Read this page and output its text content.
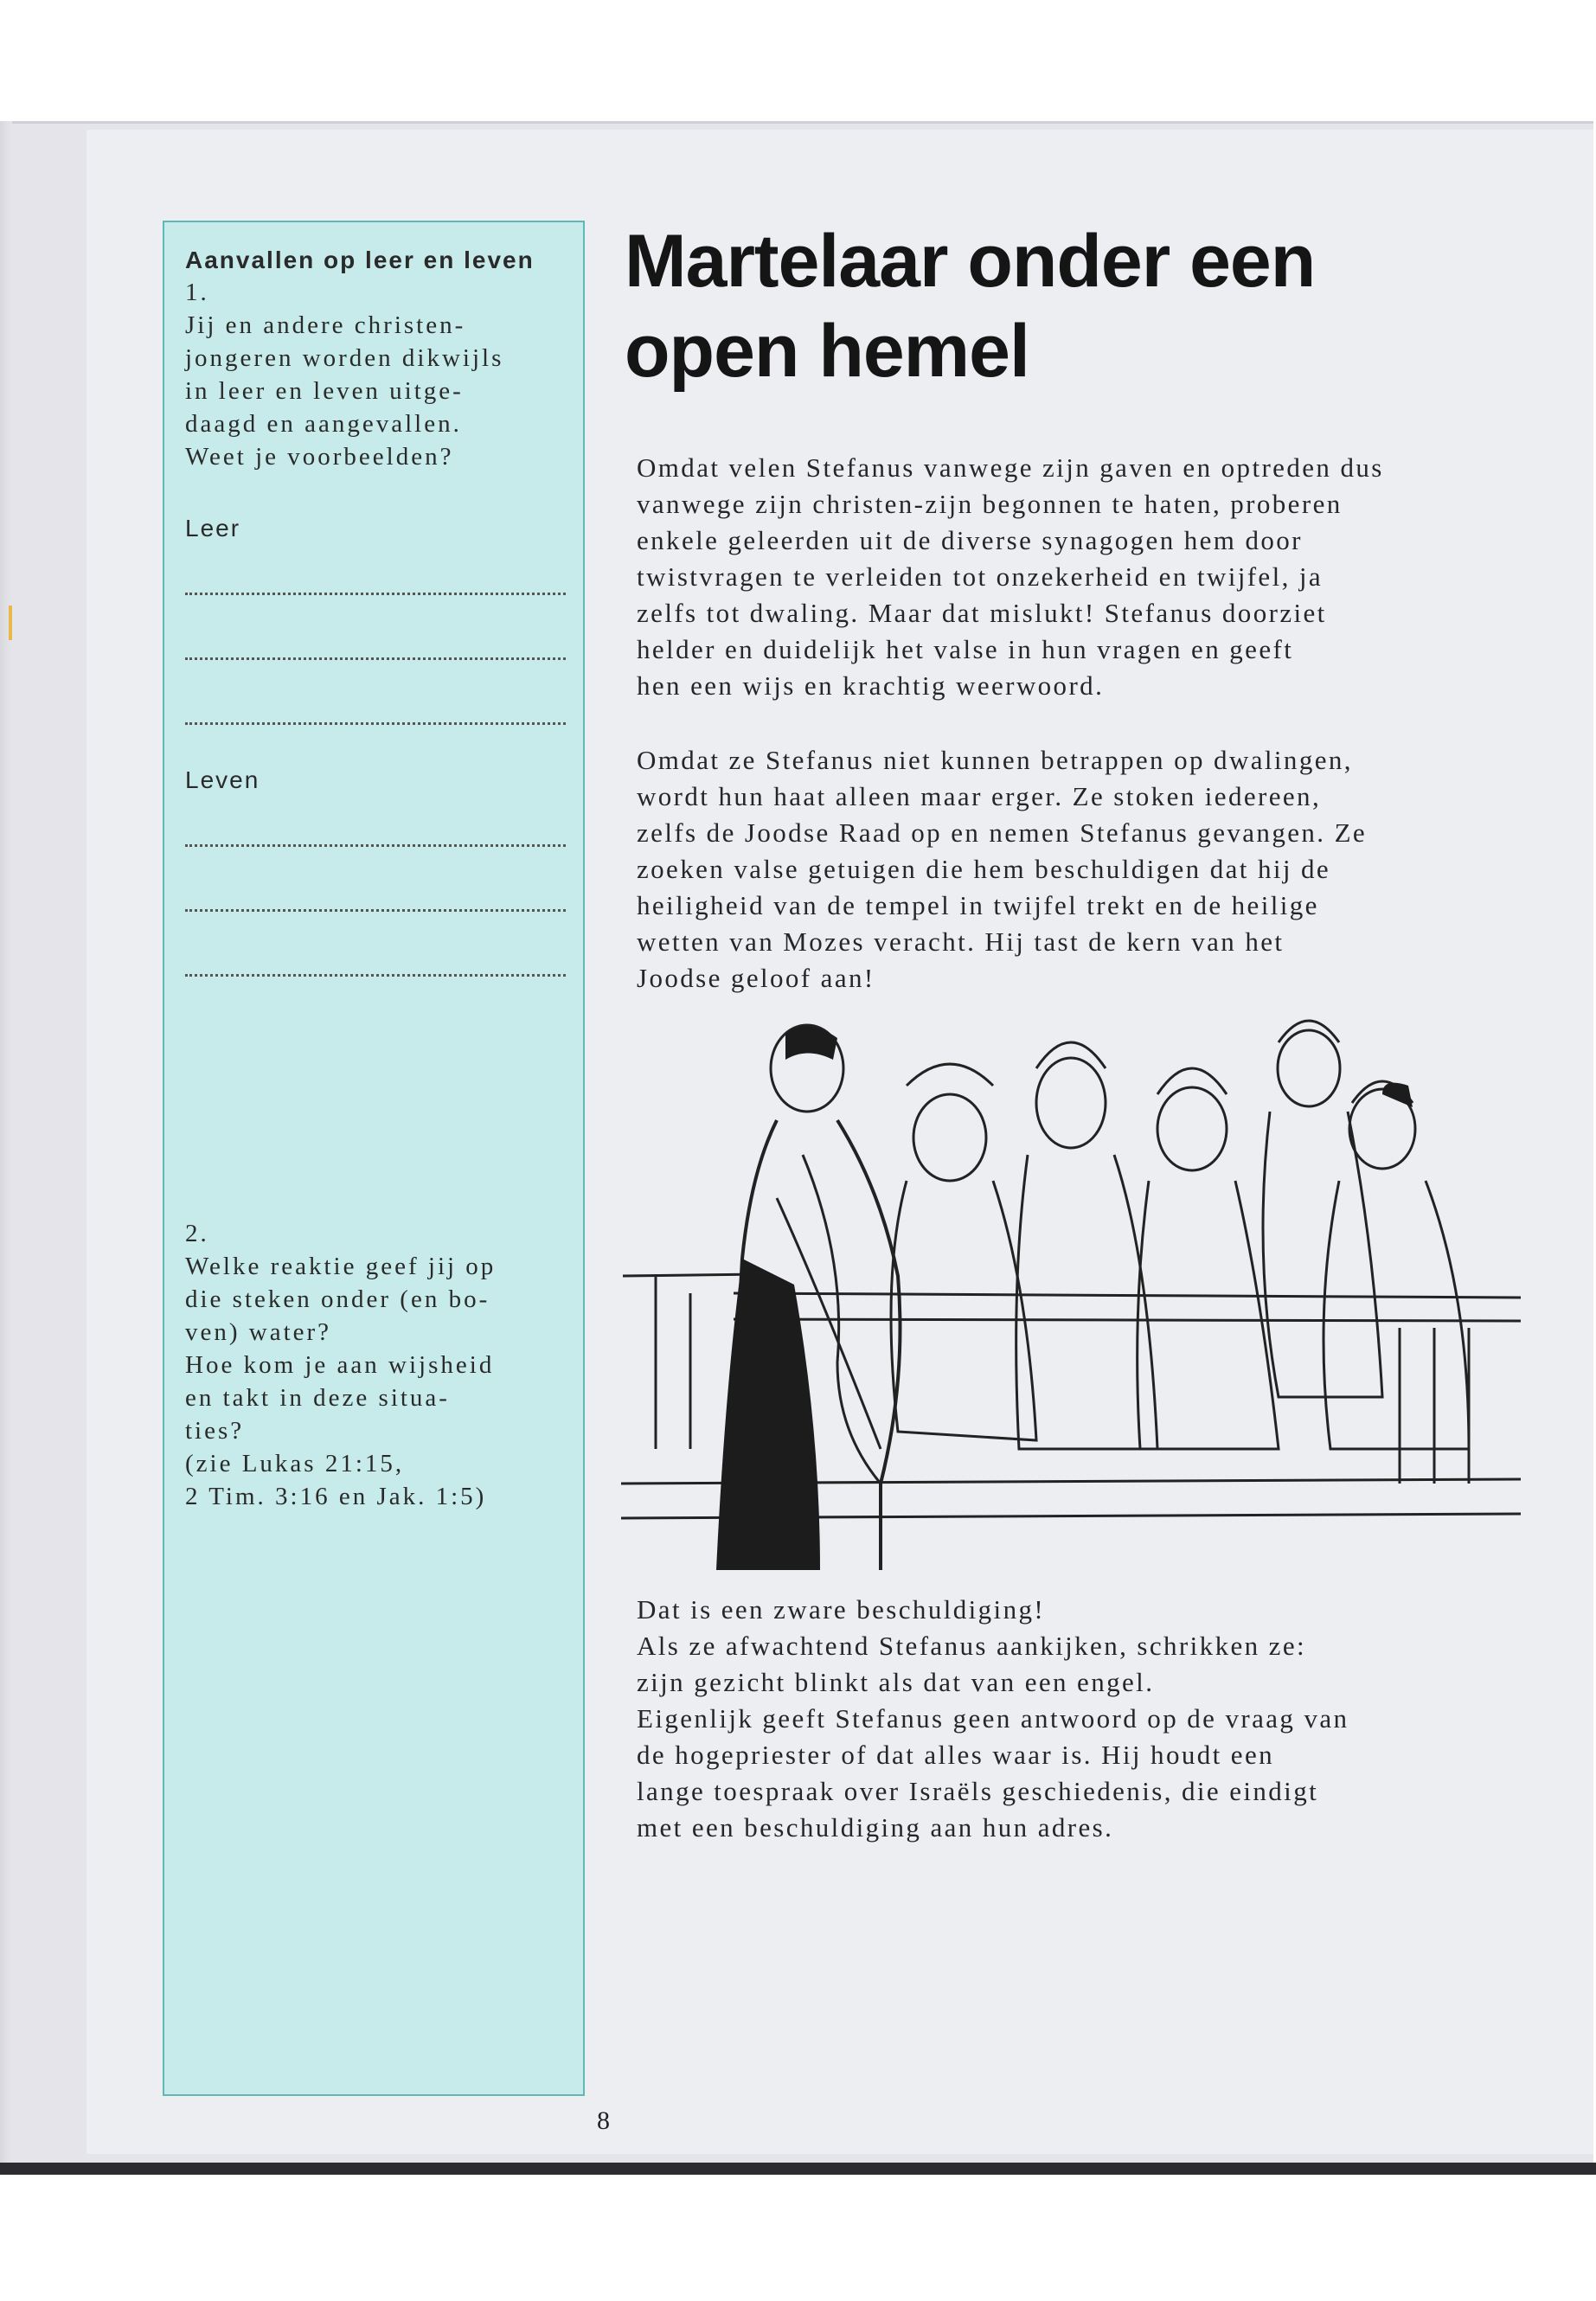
Aanvallen op leer en leven
1.
Jij en andere christen-
jongeren worden dikwijls
in leer en leven uitge-
daagd en aangevallen.
Weet je voorbeelden?
Leer
Leven
2.
Welke reaktie geef jij op
die steken onder (en bo-
ven) water?
Hoe kom je aan wijsheid
en takt in deze situa-
ties?
(zie Lukas 21:15,
2 Tim. 3:16 en Jak. 1:5)
Martelaar onder een
open hemel
Omdat velen Stefanus vanwege zijn gaven en optreden dus
vanwege zijn christen-zijn begonnen te haten, proberen
enkele geleerden uit de diverse synagogen hem door
twistvragen te verleiden tot onzekerheid en twijfel, ja
zelfs tot dwaling. Maar dat mislukt! Stefanus doorziet
helder en duidelijk het valse in hun vragen en geeft
hen een wijs en krachtig weerwoord.
Omdat ze Stefanus niet kunnen betrappen op dwalingen,
wordt hun haat alleen maar erger. Ze stoken iedereen,
zelfs de Joodse Raad op en nemen Stefanus gevangen. Ze
zoeken valse getuigen die hem beschuldigen dat hij de
heiligheid van de tempel in twijfel trekt en de heilige
wetten van Mozes veracht. Hij tast de kern van het
Joodse geloof aan!
Dat is een zware beschuldiging!
Als ze afwachtend Stefanus aankijken, schrikken ze:
zijn gezicht blinkt als dat van een engel.
Eigenlijk geeft Stefanus geen antwoord op de vraag van
de hogepriester of dat alles waar is. Hij houdt een
lange toespraak over Israëls geschiedenis, die eindigt
met een beschuldiging aan hun adres.
8
